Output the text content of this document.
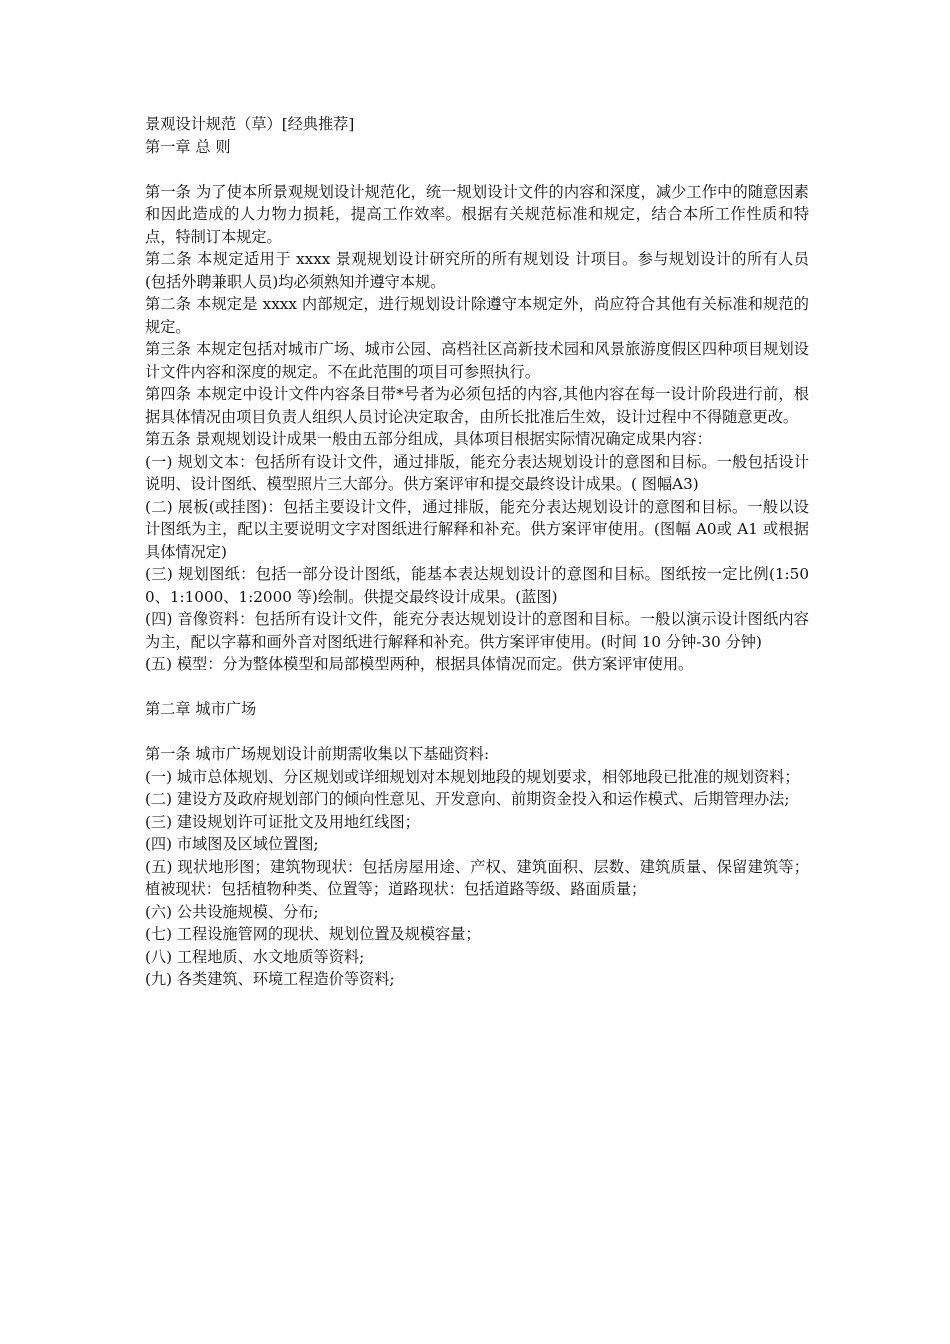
景观设计规范（草）[经典推荐]
第一章 总 则
第一条 为了使本所景观规划设计规范化，统一规划设计文件的内容和深度，减少工作中的随意因素和因此造成的人力物力损耗，提高工作效率。根据有关规范标准和规定，结合本所工作性质和特点，特制订本规定。
第二条 本规定适用于 xxxx 景观规划设计研究所的所有规划设 计项目。参与规划设计的所有人员(包括外聘兼职人员)均必须熟知并遵守本规。
第二条 本规定是 xxxx 内部规定，进行规划设计除遵守本规定外，尚应符合其他有关标准和规范的规定。
第三条 本规定包括对城市广场、城市公园、高档社区高新技术园和风景旅游度假区四种项目规划设计文件内容和深度的规定。不在此范围的项目可参照执行。
第四条 本规定中设计文件内容条目带*号者为必须包括的内容,其他内容在每一设计阶段进行前，根据具体情况由项目负责人组织人员讨论决定取舍，由所长批准后生效，设计过程中不得随意更改。
第五条 景观规划设计成果一般由五部分组成，具体项目根据实际情况确定成果内容：
(一) 规划文本：包括所有设计文件，通过排版，能充分表达规划设计的意图和目标。一般包括设计说明、设计图纸、模型照片三大部分。供方案评审和提交最终设计成果。( 图幅A3)
(二) 展板(或挂图)：包括主要设计文件，通过排版，能充分表达规划设计的意图和目标。一般以设计图纸为主，配以主要说明文字对图纸进行解释和补充。供方案评审使用。(图幅 A0或 A1 或根据具体情况定)
(三) 规划图纸：包括一部分设计图纸，能基本表达规划设计的意图和目标。图纸按一定比例(1:500、1:1000、1:2000 等)绘制。供提交最终设计成果。(蓝图)
(四) 音像资料：包括所有设计文件，能充分表达规划设计的意图和目标。一般以演示设计图纸内容为主，配以字幕和画外音对图纸进行解释和补充。供方案评审使用。(时间 10 分钟-30 分钟)
(五) 模型：分为整体模型和局部模型两种，根据具体情况而定。供方案评审使用。
第二章 城市广场
第一条 城市广场规划设计前期需收集以下基础资料:
(一) 城市总体规划、分区规划或详细规划对本规划地段的规划要求，相邻地段已批准的规划资料；
(二) 建设方及政府规划部门的倾向性意见、开发意向、前期资金投入和运作模式、后期管理办法;
(三) 建设规划许可证批文及用地红线图；
(四) 市域图及区域位置图;
(五) 现状地形图；建筑物现状：包括房屋用途、产权、建筑面积、层数、建筑质量、保留建筑等；植被现状：包括植物种类、位置等；道路现状：包括道路等级、路面质量；
(六) 公共设施规模、分布;
(七) 工程设施管网的现状、规划位置及规模容量；
(八) 工程地质、水文地质等资料;
(九) 各类建筑、环境工程造价等资料;
